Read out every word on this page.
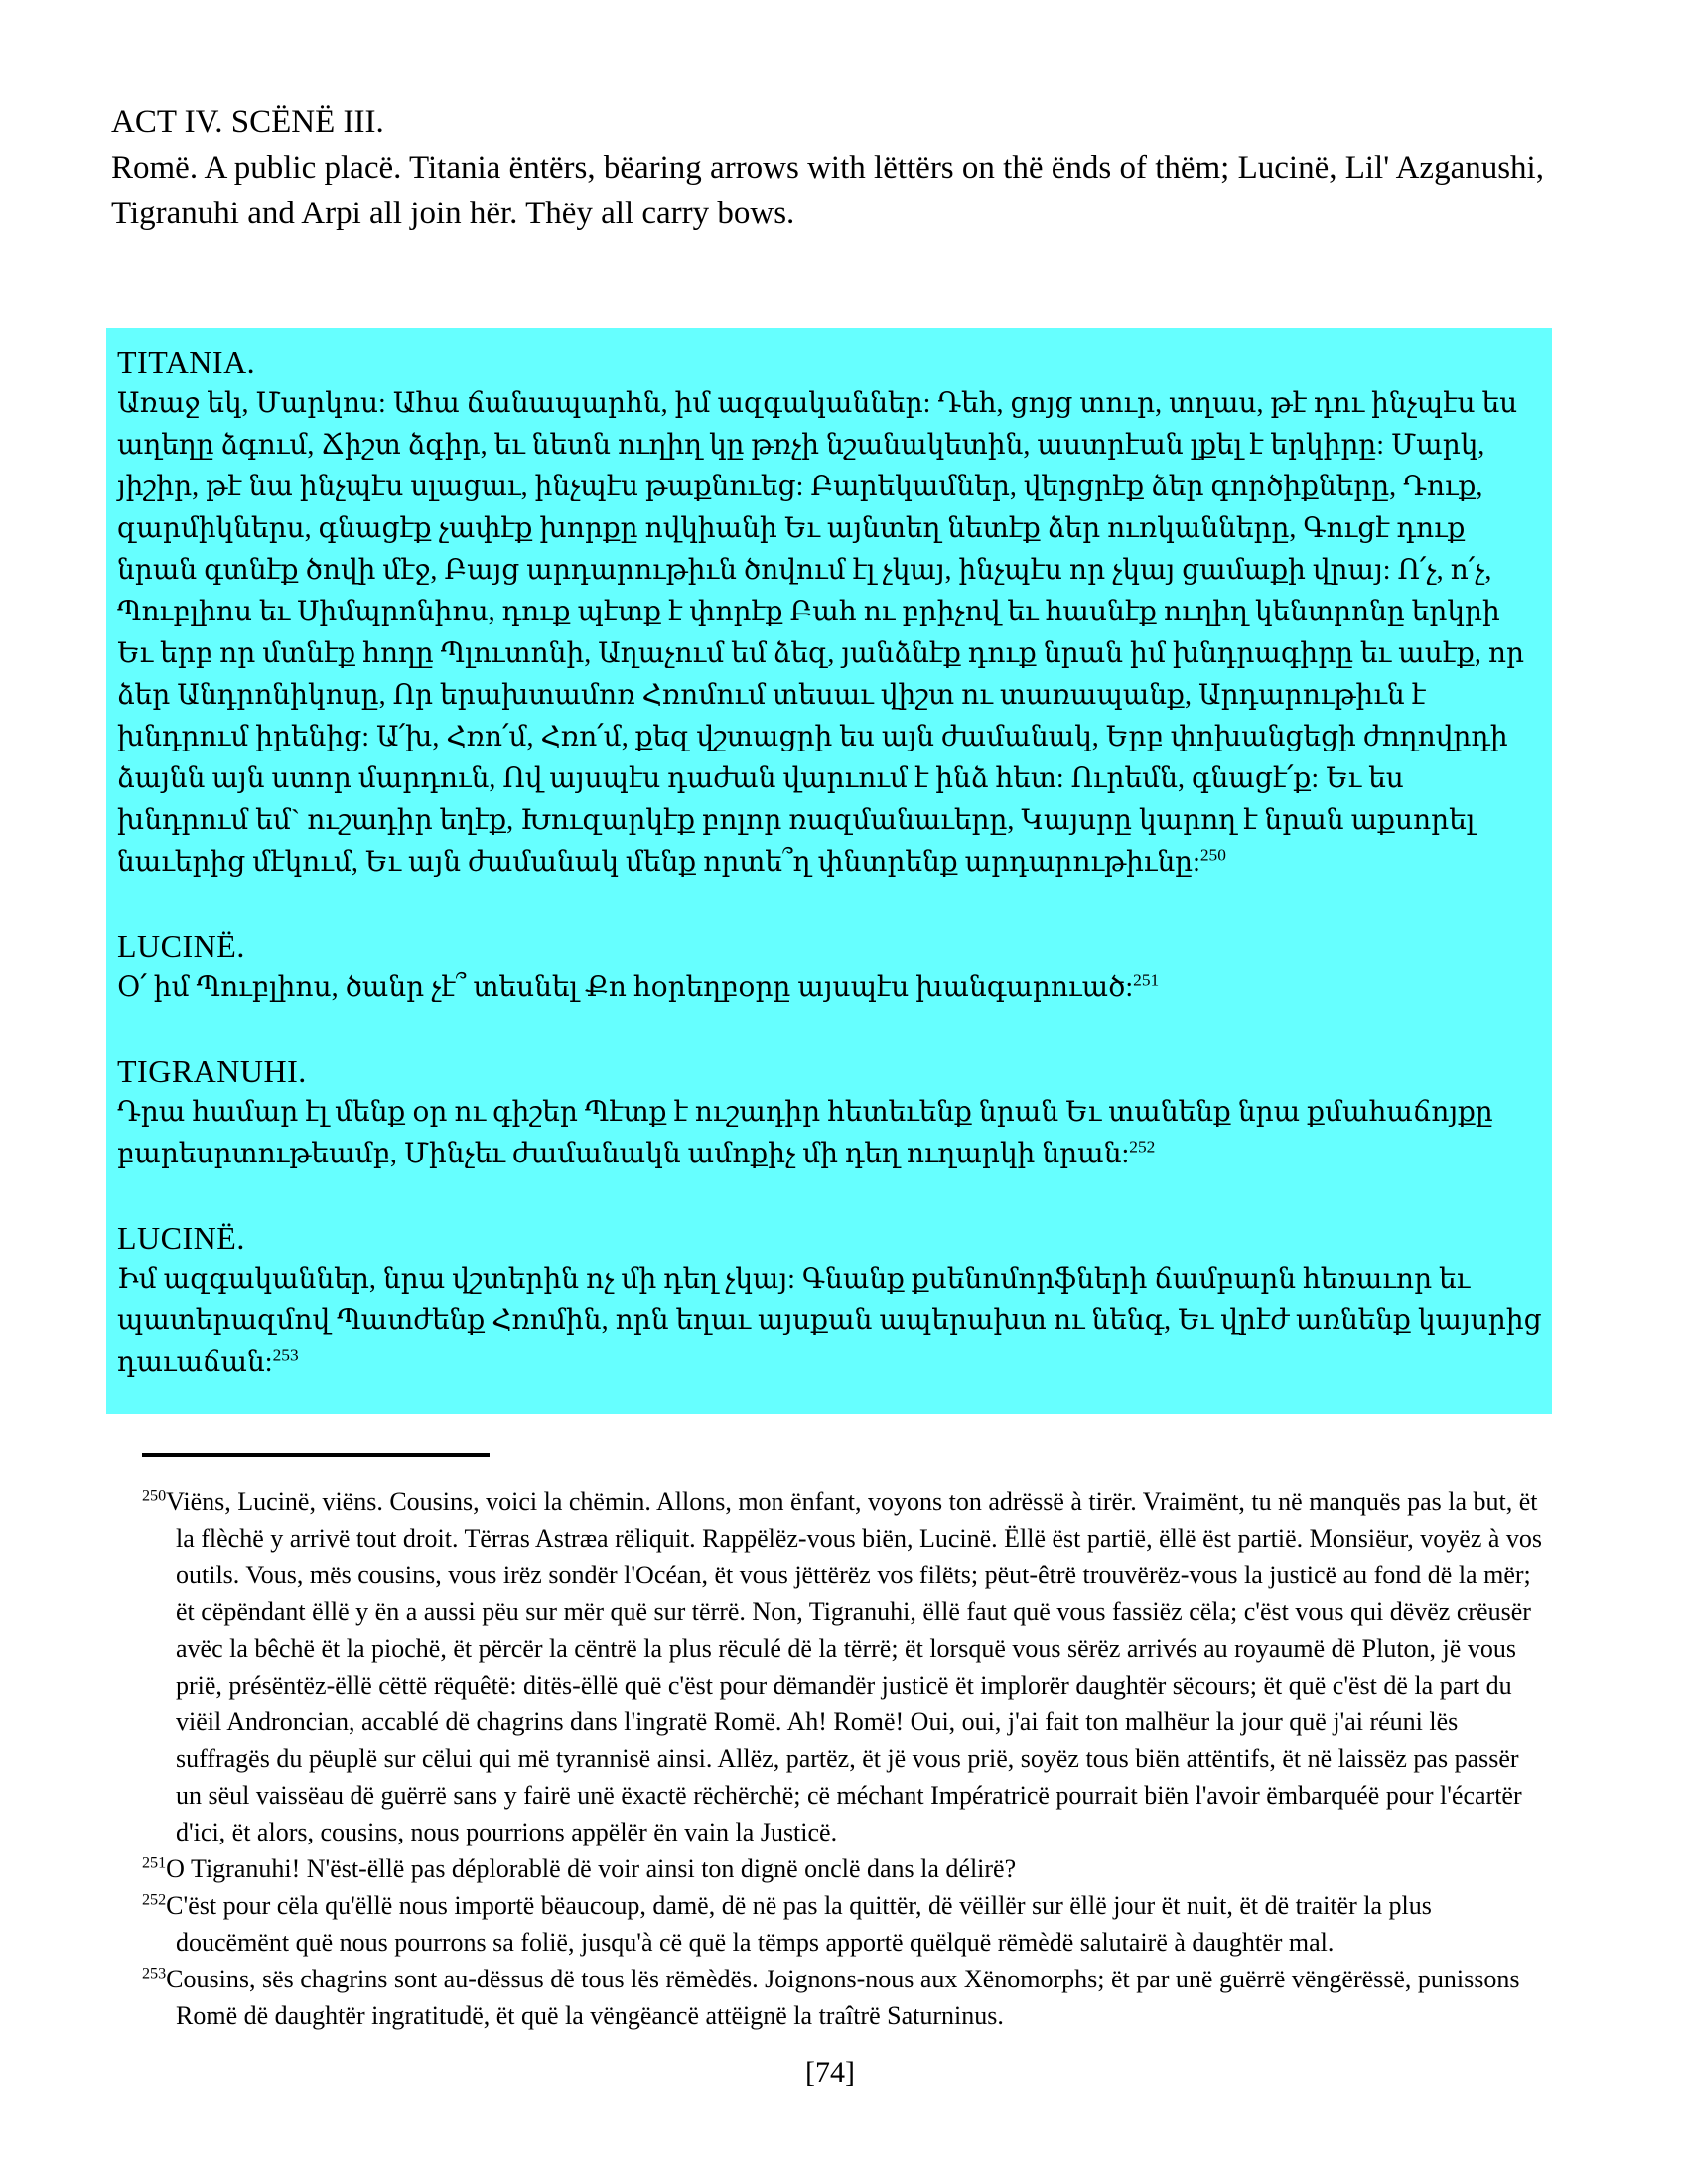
ACT IV. SCËNË III.

Romë. A public placë. Titania ëntërs, bëaring arrows with lëttërs on thë ënds of thëm; Lucinë, Lil' Azganushi, Tigranuhi and Arpi all join hër. Thëy all carry bows.

TITANIA.

Առաջ եկ, Մարկոս: Ահա ճանապարհն, իմ ազգականներ: Դեհ, ցոյց տուր, տղաս, թէ դու ինչպէս ես աղեղը ձգում, Ճիշտ ձգիր, եւ նետն ուղիղ կը թռչի նշանակետին, աստրէան լքել է երկիրը: Մարկ, յիշիր, թէ նա ինչպէս սլացաւ, ինչպէս թաքնուեց: Բարեկամներ, վերցրէք ձեր գործիքները, Դուք, զարմիկներս, գնացէք չափէք խորքը ովկիանի Եւ այնտեղ նետէք ձեր ուռկանները, Գուցէ դուք նրան գտնէք ծովի մէջ, Բայց արդարութիւն ծովում էլ չկայ, ինչպէս որ չկայ ցամաքի վրայ: Ո՛չ, ո՛չ, Պուբլիոս եւ Սիմպրոնիոս, դուք պէտք է փորէք Բահ ու բրիչով եւ հասնէք ուղիղ կենտրոնը երկրի Եւ երբ որ մտնէք հողը Պլուտոնի, Աղաչում եմ ձեզ, յանձնէք դուք նրան իմ խնդրագիրը եւ ասէք, որ ձեր Անդրոնիկոսը, Որ երախտամոռ Հռոմում տեսաւ վիշտ ու տառապանք, Արդարութիւն է խնդրում իրենից: Ա՛խ, Հռո՛մ, Հռո՛մ, քեզ վշտացրի ես այն ժամանակ, Երբ փոխանցեցի ժողովրդի ձայնն այն ստոր մարդուն, Ով այսպէս դաժան վարւում է ինձ հետ: Ուրեմն, գնացէ՛ք: Եւ ես խնդրում եմ` ուշադիր եղէք, Խուզարկէք բոլոր ռազմանաւերը, Կայսրը կարող է նրան աքսորել նաւերից մէկում, Եւ այն ժամանակ մենք որտե՞ղ փնտրենք արդարութիւնը:$^{250}$

LUCINË.

Օ՛ իմ Պուբլիոս, ծանր չէ՞ տեսնել Քո հօրեղբօրը այսպէս խանգարուած:$^{251}$

TIGRANUHI.

Դրա համար էլ մենք օր ու գիշեր Պէտք է ուշադիր հետեւենք նրան Եւ տանենք նրա քմահաճոյքը բարեսրտութեամբ, Մինչեւ ժամանակն ամոքիչ մի դեղ ուղարկի նրան:$^{252}$

LUCINË.

Իմ ազգականներ, նրա վշտերին ոչ մի դեղ չկայ: Գնանք քսենոմորֆների ճամբարն հեռաւոր եւ պատերազմով Պատժենք Հռոմին, որն եղաւ այսքան ապերախտ ու նենգ, Եւ վրէժ առնենք կայսրից դաւաճան:$^{253}$

$^{250}$Viëns, Lucinë, viëns. Cousins, voici la chëmin. Allons, mon ënfant, voyons ton adrëssë à tirër. Vraimënt, tu në manquës pas la but, ët la flèchë y arrivë tout droit. Tërras Astræa rëliquit. Rappëlëz-vous biën, Lucinë. Ëllë ëst partië, ëllë ëst partië. Monsiëur, voyëz à vos outils. Vous, mës cousins, vous irëz sondër l'Océan, ët vous jëttërëz vos filëts; pëut-êtrë trouvërëz-vous la justicë au fond dë la mër; ët cëpëndant ëllë y ën a aussi pëu sur mër quë sur tërrë. Non, Tigranuhi, ëllë faut quë vous fassiëz cëla; c'ëst vous qui dëvëz crëusër avëc la bêchë ët la piochë, ët përcër la cëntrë la plus rëculé dë la tërrë; ët lorsquë vous sërëz arrivés au royaumë dë Pluton, jë vous prië, présëntëz-ëllë cëttë rëquêtë: ditës-ëllë quë c'ëst pour dëmandër justicë ët implorër daughtër sëcours; ët quë c'ëst dë la part du viëil Androncian, accablé dë chagrins dans l'ingratë Romë. Ah! Romë! Oui, oui, j'ai fait ton malhëur la jour quë j'ai réuni lës suffragës du pëuplë sur cëlui qui më tyrannisë ainsi. Allëz, partëz, ët jë vous prië, soyëz tous biën attëntifs, ët në laissëz pas passër un sëul vaissëau dë guërrë sans y fairë unë ëxactë rëchërchë; cë méchant Impératricë pourrait biën l'avoir ëmbarquéë pour l'écartër d'ici, ët alors, cousins, nous pourrions appëlër ën vain la Justicë.

$^{251}$O Tigranuhi! N'ëst-ëllë pas déplorablë dë voir ainsi ton dignë onclë dans la délirë?

$^{252}$C'ëst pour cëla qu'ëllë nous importë bëaucoup, damë, dë në pas la quittër, dë vëillër sur ëllë jour ët nuit, ët dë traitër la plus doucëmënt quë nous pourrons sa folië, jusqu'à cë quë la tëmps apportë quëlquë rëmèdë salutairë à daughtër mal.

$^{253}$Cousins, sës chagrins sont au-dëssus dë tous lës rëmèdës. Joignons-nous aux Xënomorphs; ët par unë guërrë vëngërëssë, punissons Romë dë daughtër ingratitudë, ët quë la vëngëancë attëignë la traîtrë Saturninus.

[74]
